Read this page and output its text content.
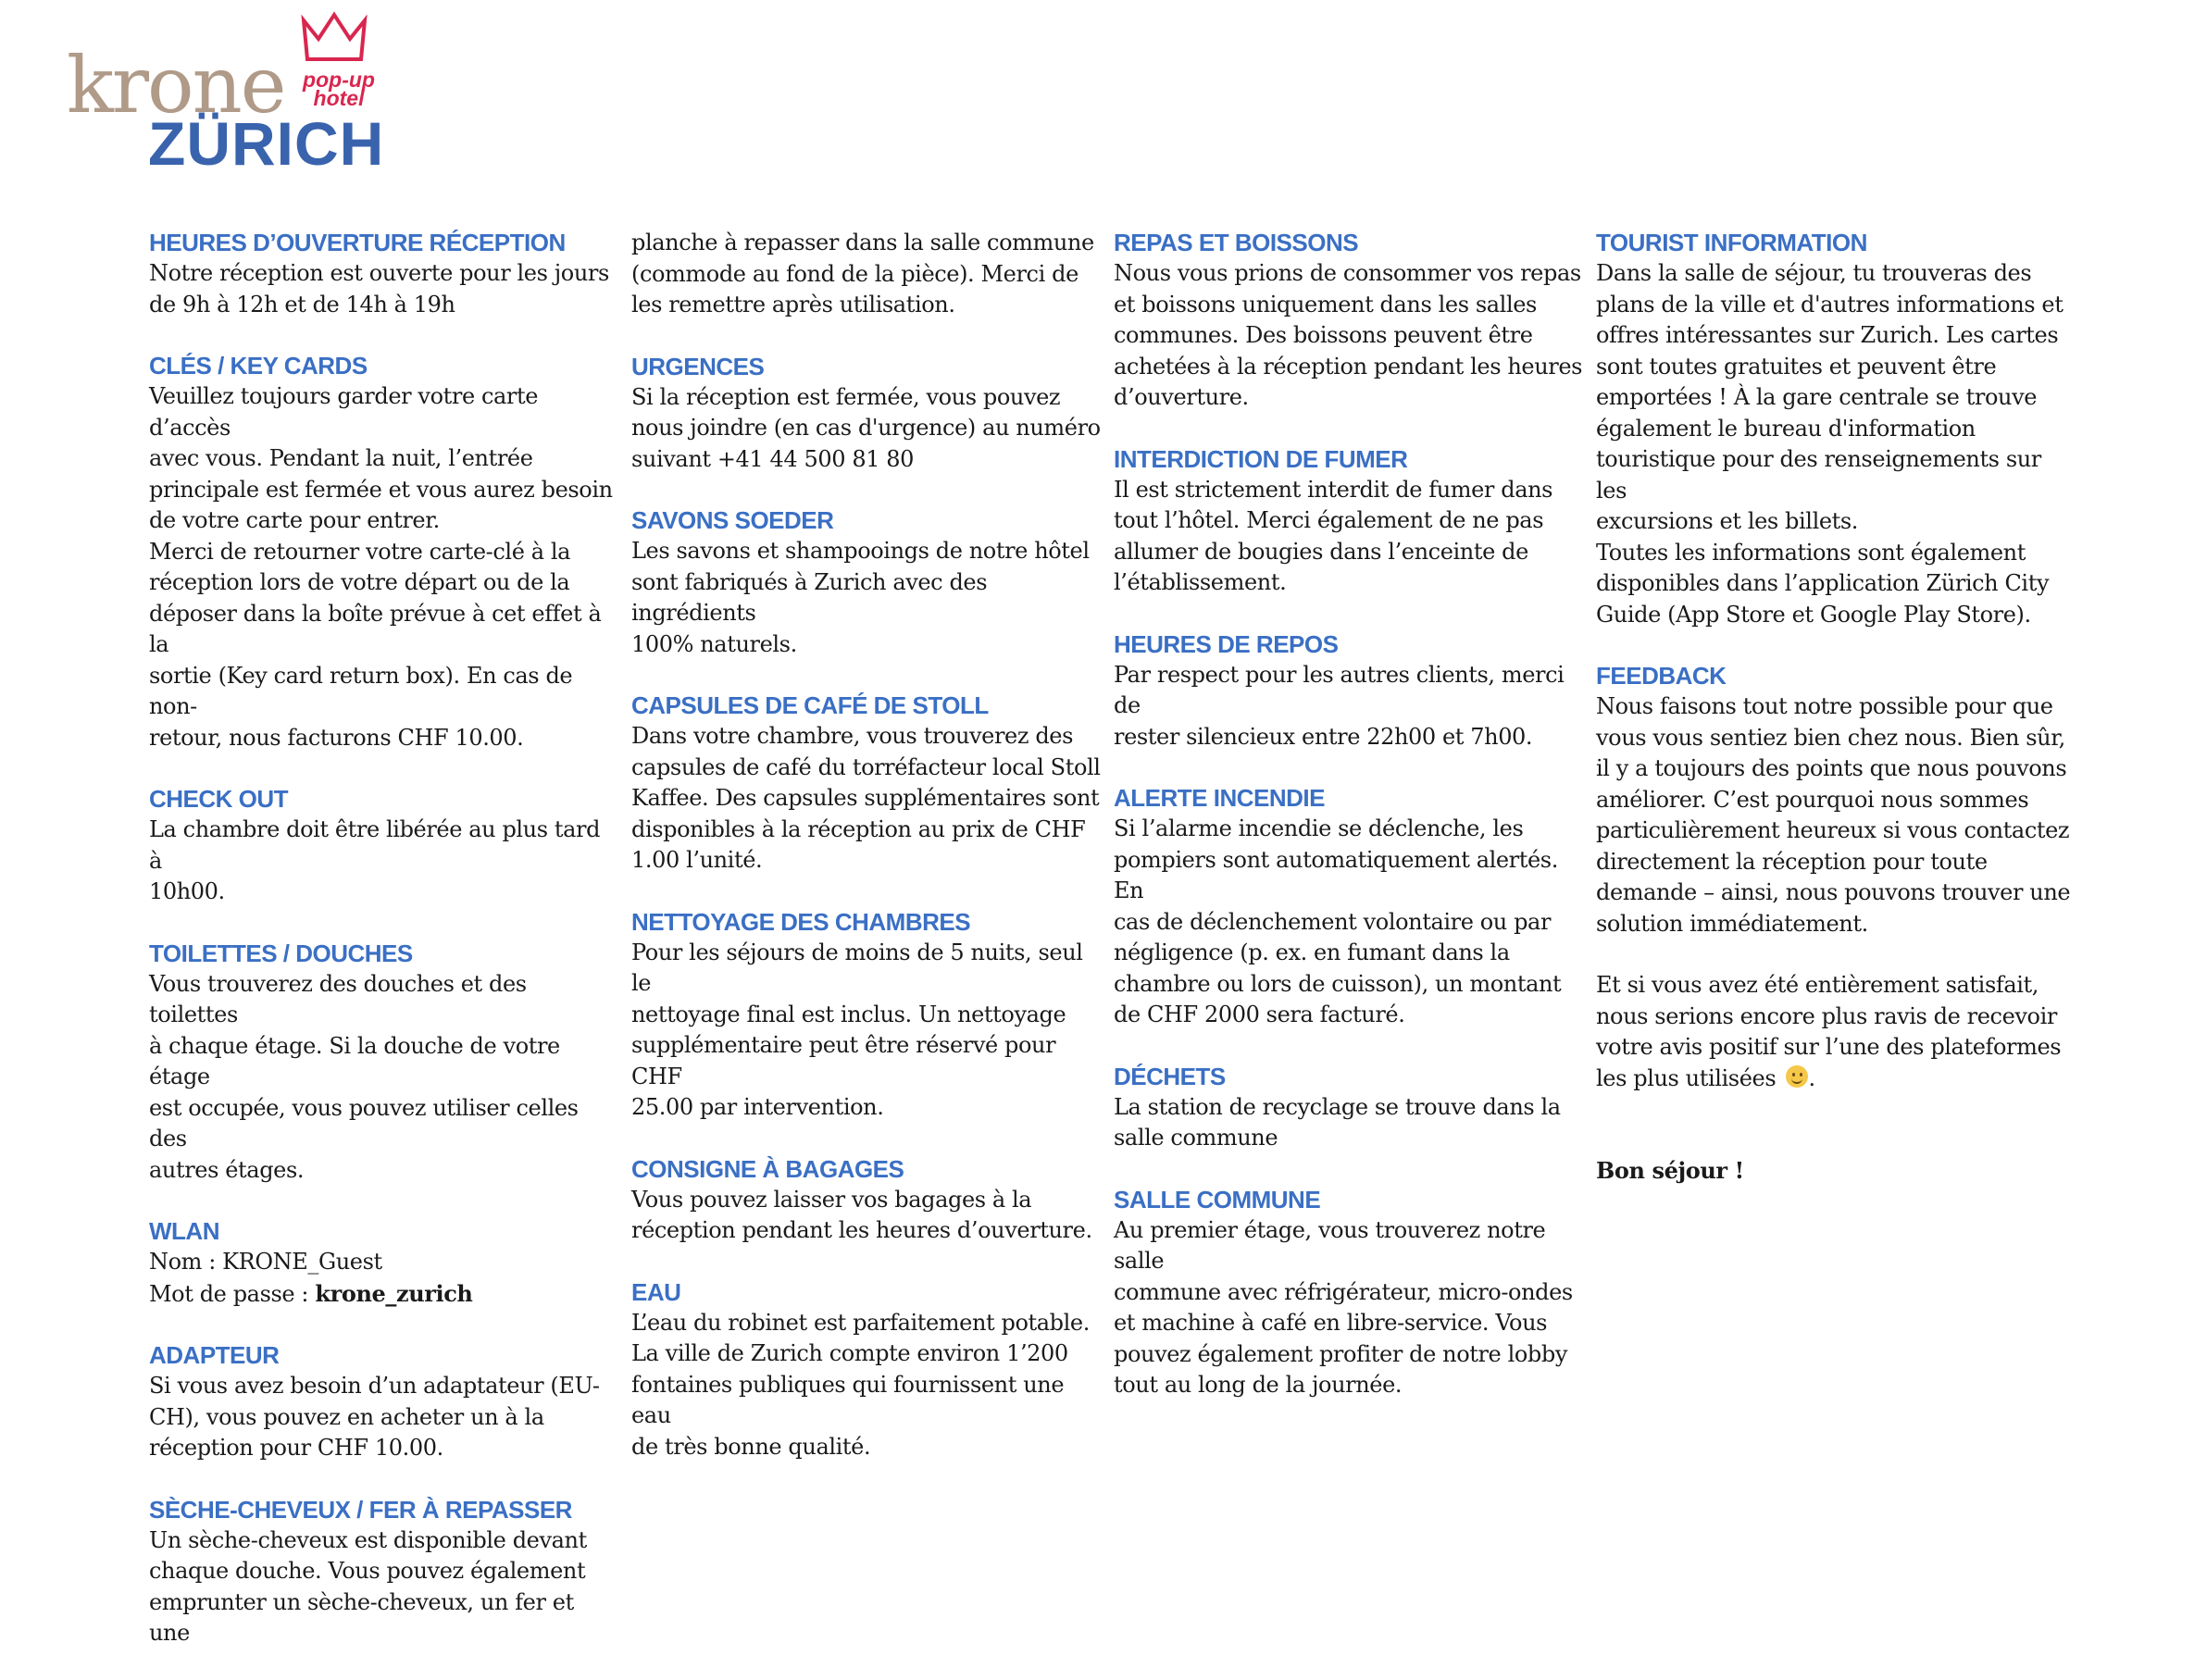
krone pop-up
hotel
ZÜRICH

HEURES D’OUVERTURE RÉCEPTION

Notre réception est ouverte pour les jours

de 9h à 12h et de 14h à 19h

CLÉS / KEY CARDS

Veuillez toujours garder votre carte d’accès

avec vous. Pendant la nuit, l’entrée

principale est fermée et vous aurez besoin

de votre carte pour entrer.

Merci de retourner votre carte-clé à la

réception lors de votre départ ou de la

déposer dans la boîte prévue à cet effet à la

sortie (Key card return box). En cas de non-

retour, nous facturons CHF 10.00.

CHECK OUT

La chambre doit être libérée au plus tard à

10h00.

TOILETTES / DOUCHES

Vous trouverez des douches et des toilettes

à chaque étage. Si la douche de votre étage

est occupée, vous pouvez utiliser celles des

autres étages.

WLAN

Nom : KRONE_Guest

Mot de passe : krone_zurich

ADAPTEUR

Si vous avez besoin d’un adaptateur (EU-

CH), vous pouvez en acheter un à la

réception pour CHF 10.00.

SÈCHE-CHEVEUX / FER À REPASSER

Un sèche-cheveux est disponible devant

chaque douche. Vous pouvez également

emprunter un sèche-cheveux, un fer et une

planche à repasser dans la salle commune

(commode au fond de la pièce). Merci de

les remettre après utilisation.

URGENCES

Si la réception est fermée, vous pouvez

nous joindre (en cas d'urgence) au numéro

suivant +41 44 500 81 80

SAVONS SOEDER

Les savons et shampooings de notre hôtel

sont fabriqués à Zurich avec des ingrédients

100% naturels.

CAPSULES DE CAFÉ DE STOLL

Dans votre chambre, vous trouverez des

capsules de café du torréfacteur local Stoll

Kaffee. Des capsules supplémentaires sont

disponibles à la réception au prix de CHF

1.00 l’unité.

NETTOYAGE DES CHAMBRES

Pour les séjours de moins de 5 nuits, seul le

nettoyage final est inclus. Un nettoyage

supplémentaire peut être réservé pour CHF

25.00 par intervention.

CONSIGNE À BAGAGES

Vous pouvez laisser vos bagages à la

réception pendant les heures d’ouverture.

EAU

L’eau du robinet est parfaitement potable.

La ville de Zurich compte environ 1’200

fontaines publiques qui fournissent une eau

de très bonne qualité.

REPAS ET BOISSONS

Nous vous prions de consommer vos repas

et boissons uniquement dans les salles

communes. Des boissons peuvent être

achetées à la réception pendant les heures

d’ouverture.

INTERDICTION DE FUMER

Il est strictement interdit de fumer dans

tout l’hôtel. Merci également de ne pas

allumer de bougies dans l’enceinte de

l’établissement.

HEURES DE REPOS

Par respect pour les autres clients, merci de

rester silencieux entre 22h00 et 7h00.

ALERTE INCENDIE

Si l’alarme incendie se déclenche, les

pompiers sont automatiquement alertés. En

cas de déclenchement volontaire ou par

négligence (p. ex. en fumant dans la

chambre ou lors de cuisson), un montant

de CHF 2000 sera facturé.

DÉCHETS

La station de recyclage se trouve dans la

salle commune

SALLE COMMUNE

Au premier étage, vous trouverez notre salle

commune avec réfrigérateur, micro-ondes

et machine à café en libre-service. Vous

pouvez également profiter de notre lobby

tout au long de la journée.

TOURIST INFORMATION

Dans la salle de séjour, tu trouveras des

plans de la ville et d'autres informations et

offres intéressantes sur Zurich. Les cartes

sont toutes gratuites et peuvent être

emportées ! À la gare centrale se trouve

également le bureau d'information

touristique pour des renseignements sur les

excursions et les billets.

Toutes les informations sont également

disponibles dans l’application Zürich City

Guide (App Store et Google Play Store).

FEEDBACK

Nous faisons tout notre possible pour que

vous vous sentiez bien chez nous. Bien sûr,

il y a toujours des points que nous pouvons

améliorer. C’est pourquoi nous sommes

particulièrement heureux si vous contactez

directement la réception pour toute

demande – ainsi, nous pouvons trouver une

solution immédiatement.

Et si vous avez été entièrement satisfait,

nous serions encore plus ravis de recevoir

votre avis positif sur l’une des plateformes

les plus utilisées .

Bon séjour !
